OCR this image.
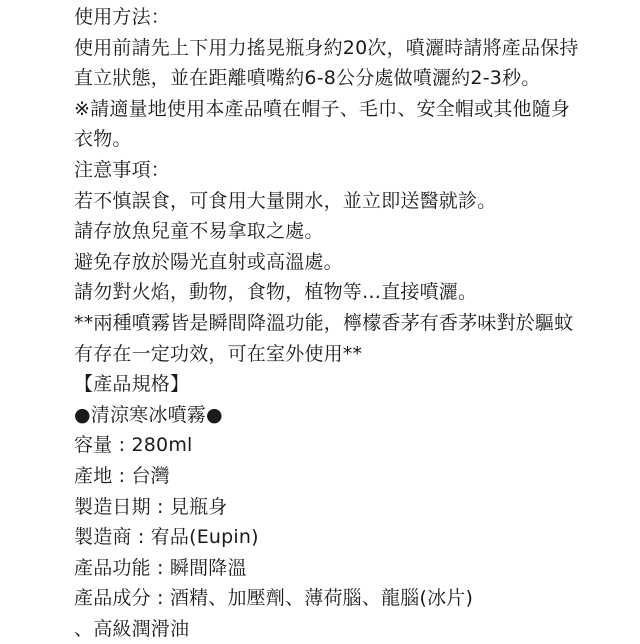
使用方法：
使用前請先上下用力搖晃瓶身約20次，噴灑時請將產品保持
直立狀態，並在距離噴嘴約6-8公分處做噴灑約2-3秒。
※請適量地使用本產品噴在帽子、毛巾、安全帽或其他隨身
衣物。
注意事項：
若不慎誤食，可食用大量開水，並立即送醫就診。
請存放魚兒童不易拿取之處。
避免存放於陽光直射或高溫處。
請勿對火焰，動物，食物，植物等…直接噴灑。
**兩種噴霧皆是瞬間降溫功能，檸檬香茅有香茅味對於驅蚊
有存在一定功效，可在室外使用**
【產品規格】
●清涼寒冰噴霧●
容量 : 280ml
產地 : 台灣
製造日期 : 見瓶身
製造商 : 宥品(Eupin)
產品功能 : 瞬間降溫
產品成分 : 酒精、加壓劑、薄荷腦、龍腦(冰片)
、高級潤滑油
